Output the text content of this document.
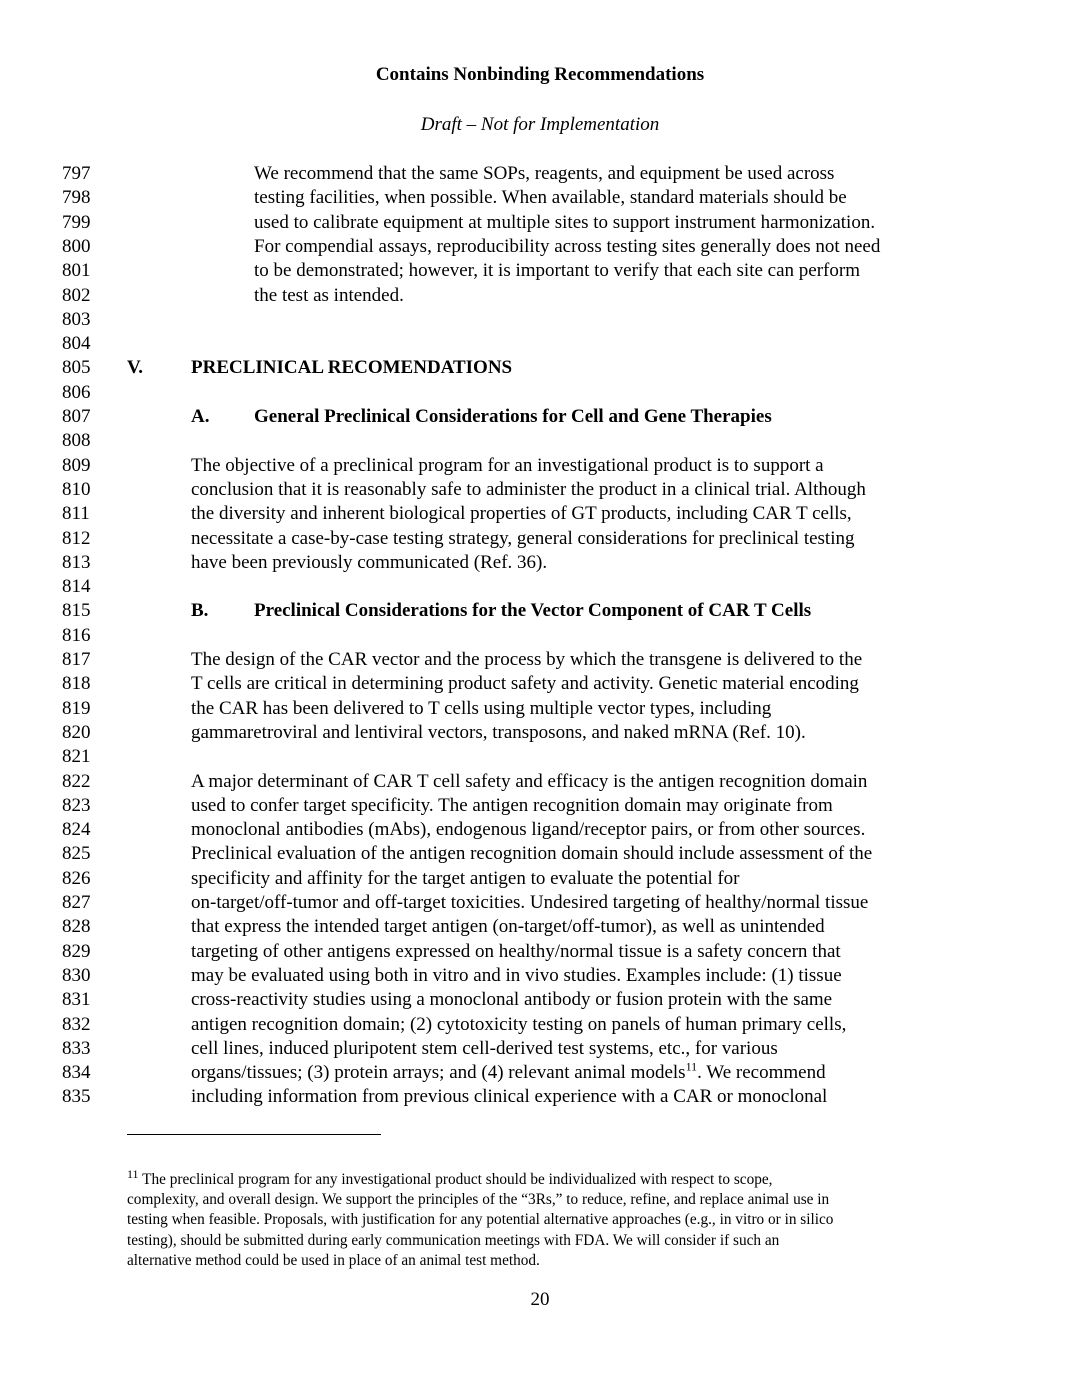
Contains Nonbinding Recommendations
Draft – Not for Implementation
797	We recommend that the same SOPs, reagents, and equipment be used across
798	testing facilities, when possible. When available, standard materials should be
799	used to calibrate equipment at multiple sites to support instrument harmonization.
800	For compendial assays, reproducibility across testing sites generally does not need
801	to be demonstrated; however, it is important to verify that each site can perform
802	the test as intended.
803
804
805	V.	PRECLINICAL RECOMENDATIONS
806
807	A. General Preclinical Considerations for Cell and Gene Therapies
808
809	The objective of a preclinical program for an investigational product is to support a
810	conclusion that it is reasonably safe to administer the product in a clinical trial. Although
811	the diversity and inherent biological properties of GT products, including CAR T cells,
812	necessitate a case-by-case testing strategy, general considerations for preclinical testing
813	have been previously communicated (Ref. 36).
814
815	B. Preclinical Considerations for the Vector Component of CAR T Cells
816
817	The design of the CAR vector and the process by which the transgene is delivered to the
818	T cells are critical in determining product safety and activity. Genetic material encoding
819	the CAR has been delivered to T cells using multiple vector types, including
820	gammaretroviral and lentiviral vectors, transposons, and naked mRNA (Ref. 10).
821
822	A major determinant of CAR T cell safety and efficacy is the antigen recognition domain
823	used to confer target specificity. The antigen recognition domain may originate from
824	monoclonal antibodies (mAbs), endogenous ligand/receptor pairs, or from other sources.
825	Preclinical evaluation of the antigen recognition domain should include assessment of the
826	specificity and affinity for the target antigen to evaluate the potential for
827	on-target/off-tumor and off-target toxicities. Undesired targeting of healthy/normal tissue
828	that express the intended target antigen (on-target/off-tumor), as well as unintended
829	targeting of other antigens expressed on healthy/normal tissue is a safety concern that
830	may be evaluated using both in vitro and in vivo studies. Examples include: (1) tissue
831	cross-reactivity studies using a monoclonal antibody or fusion protein with the same
832	antigen recognition domain; (2) cytotoxicity testing on panels of human primary cells,
833	cell lines, induced pluripotent stem cell-derived test systems, etc., for various
834	organs/tissues; (3) protein arrays; and (4) relevant animal models$^{11}$. We recommend
835	including information from previous clinical experience with a CAR or monoclonal
$^{11}$ The preclinical program for any investigational product should be individualized with respect to scope,
complexity, and overall design. We support the principles of the “3Rs,” to reduce, refine, and replace animal use in
testing when feasible. Proposals, with justification for any potential alternative approaches (e.g., in vitro or in silico
testing), should be submitted during early communication meetings with FDA. We will consider if such an
alternative method could be used in place of an animal test method.
20
